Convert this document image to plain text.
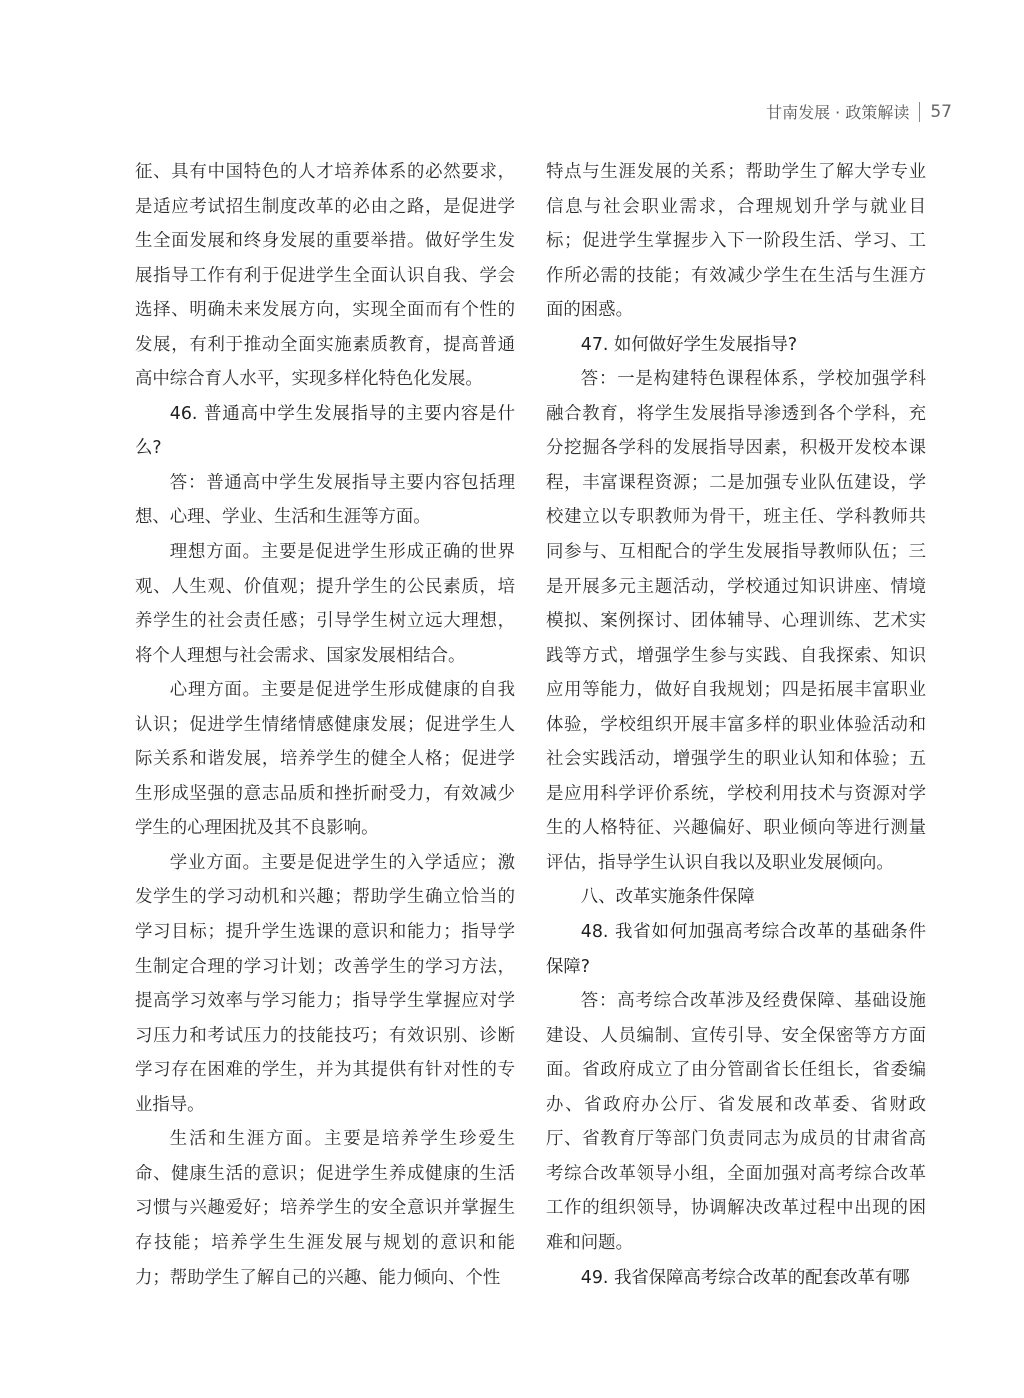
甘南发展 · 政策解读 57

征、具有中国特色的人才培养体系的必然要求，是适应考试招生制度改革的必由之路，是促进学生全面发展和终身发展的重要举措。做好学生发展指导工作有利于促进学生全面认识自我、学会选择、明确未来发展方向，实现全面而有个性的发展，有利于推动全面实施素质教育，提高普通高中综合育人水平，实现多样化特色化发展。

46. 普通高中学生发展指导的主要内容是什么?

答：普通高中学生发展指导主要内容包括理想、心理、学业、生活和生涯等方面。

理想方面。主要是促进学生形成正确的世界观、人生观、价值观；提升学生的公民素质，培养学生的社会责任感；引导学生树立远大理想，将个人理想与社会需求、国家发展相结合。

心理方面。主要是促进学生形成健康的自我认识；促进学生情绪情感健康发展；促进学生人际关系和谐发展，培养学生的健全人格；促进学生形成坚强的意志品质和挫折耐受力，有效减少学生的心理困扰及其不良影响。

学业方面。主要是促进学生的入学适应；激发学生的学习动机和兴趣；帮助学生确立恰当的学习目标；提升学生选课的意识和能力；指导学生制定合理的学习计划；改善学生的学习方法，提高学习效率与学习能力；指导学生掌握应对学习压力和考试压力的技能技巧；有效识别、诊断学习存在困难的学生，并为其提供有针对性的专业指导。

生活和生涯方面。主要是培养学生珍爱生命、健康生活的意识；促进学生养成健康的生活习惯与兴趣爱好；培养学生的安全意识并掌握生存技能；培养学生生涯发展与规划的意识和能力；帮助学生了解自己的兴趣、能力倾向、个性

特点与生涯发展的关系；帮助学生了解大学专业信息与社会职业需求，合理规划升学与就业目标；促进学生掌握步入下一阶段生活、学习、工作所必需的技能；有效减少学生在生活与生涯方面的困惑。

47. 如何做好学生发展指导?

答：一是构建特色课程体系，学校加强学科融合教育，将学生发展指导渗透到各个学科，充分挖掘各学科的发展指导因素，积极开发校本课程，丰富课程资源；二是加强专业队伍建设，学校建立以专职教师为骨干，班主任、学科教师共同参与、互相配合的学生发展指导教师队伍；三是开展多元主题活动，学校通过知识讲座、情境模拟、案例探讨、团体辅导、心理训练、艺术实践等方式，增强学生参与实践、自我探索、知识应用等能力，做好自我规划；四是拓展丰富职业体验，学校组织开展丰富多样的职业体验活动和社会实践活动，增强学生的职业认知和体验；五是应用科学评价系统，学校利用技术与资源对学生的人格特征、兴趣偏好、职业倾向等进行测量评估，指导学生认识自我以及职业发展倾向。

八、改革实施条件保障

48. 我省如何加强高考综合改革的基础条件保障?

答：高考综合改革涉及经费保障、基础设施建设、人员编制、宣传引导、安全保密等方方面面。省政府成立了由分管副省长任组长，省委编办、省政府办公厅、省发展和改革委、省财政厅、省教育厅等部门负责同志为成员的甘肃省高考综合改革领导小组，全面加强对高考综合改革工作的组织领导，协调解决改革过程中出现的困难和问题。

49. 我省保障高考综合改革的配套改革有哪
